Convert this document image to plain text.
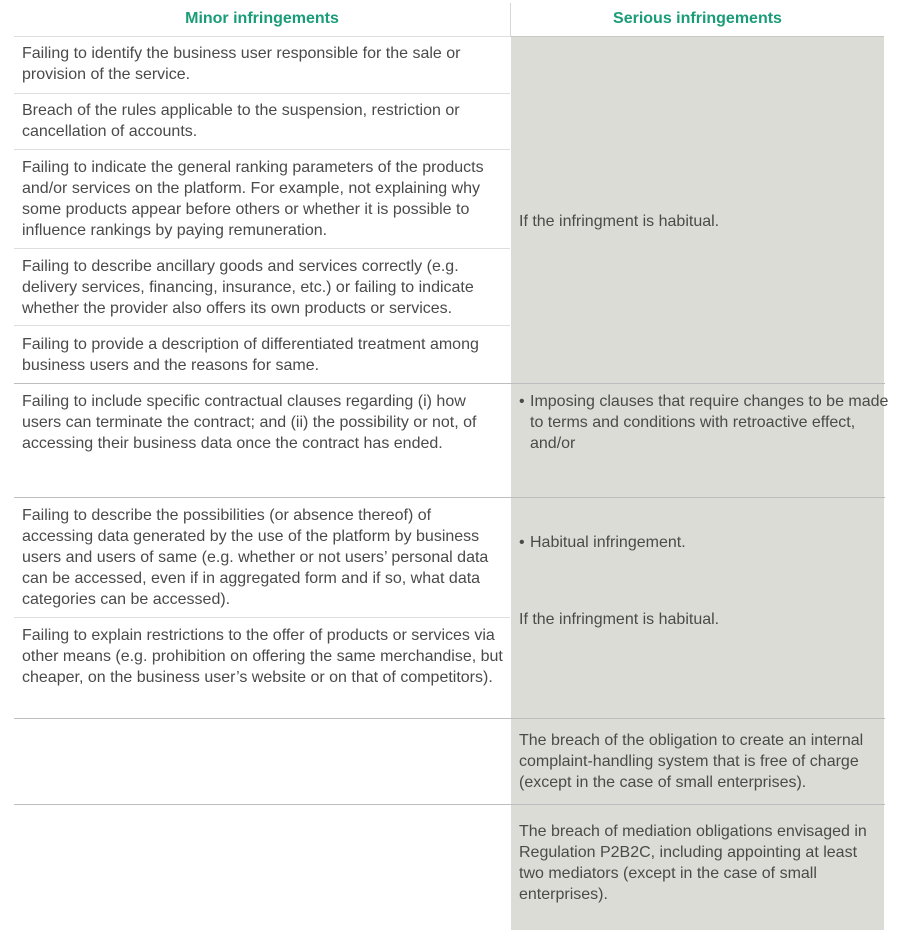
Minor infringements	Serious infringements
Failing to identify the business user responsible for the sale or provision of the service.
Breach of the rules applicable to the suspension, restriction or cancellation of accounts.
Failing to indicate the general ranking parameters of the products and/or services on the platform. For example, not explaining why some products appear before others or whether it is possible to influence rankings by paying remuneration.
Failing to describe ancillary goods and services correctly (e.g. delivery services, financing, insurance, etc.) or failing to indicate whether the provider also offers its own products or services.
Failing to provide a description of differentiated treatment among business users and the reasons for same.
Failing to include specific contractual clauses regarding (i) how users can terminate the contract; and (ii) the possibility or not, of accessing their business data once the contract has ended.
Failing to describe the possibilities (or absence thereof) of accessing data generated by the use of the platform by business users and users of same (e.g. whether or not users’ personal data can be accessed, even if in aggregated form and if so, what data categories can be accessed).
Failing to explain restrictions to the offer of products or services via other means (e.g. prohibition on offering the same merchandise, but cheaper, on the business user’s website or on that of competitors).
If the infringment is habitual.
• Imposing clauses that require changes to be made to terms and conditions with retroactive effect, and/or
• Habitual infringement.
If the infringment is habitual.
The breach of the obligation to create an internal complaint-handling system that is free of charge (except in the case of small enterprises).
The breach of mediation obligations envisaged in Regulation P2B2C, including appointing at least two mediators (except in the case of small enterprises).
